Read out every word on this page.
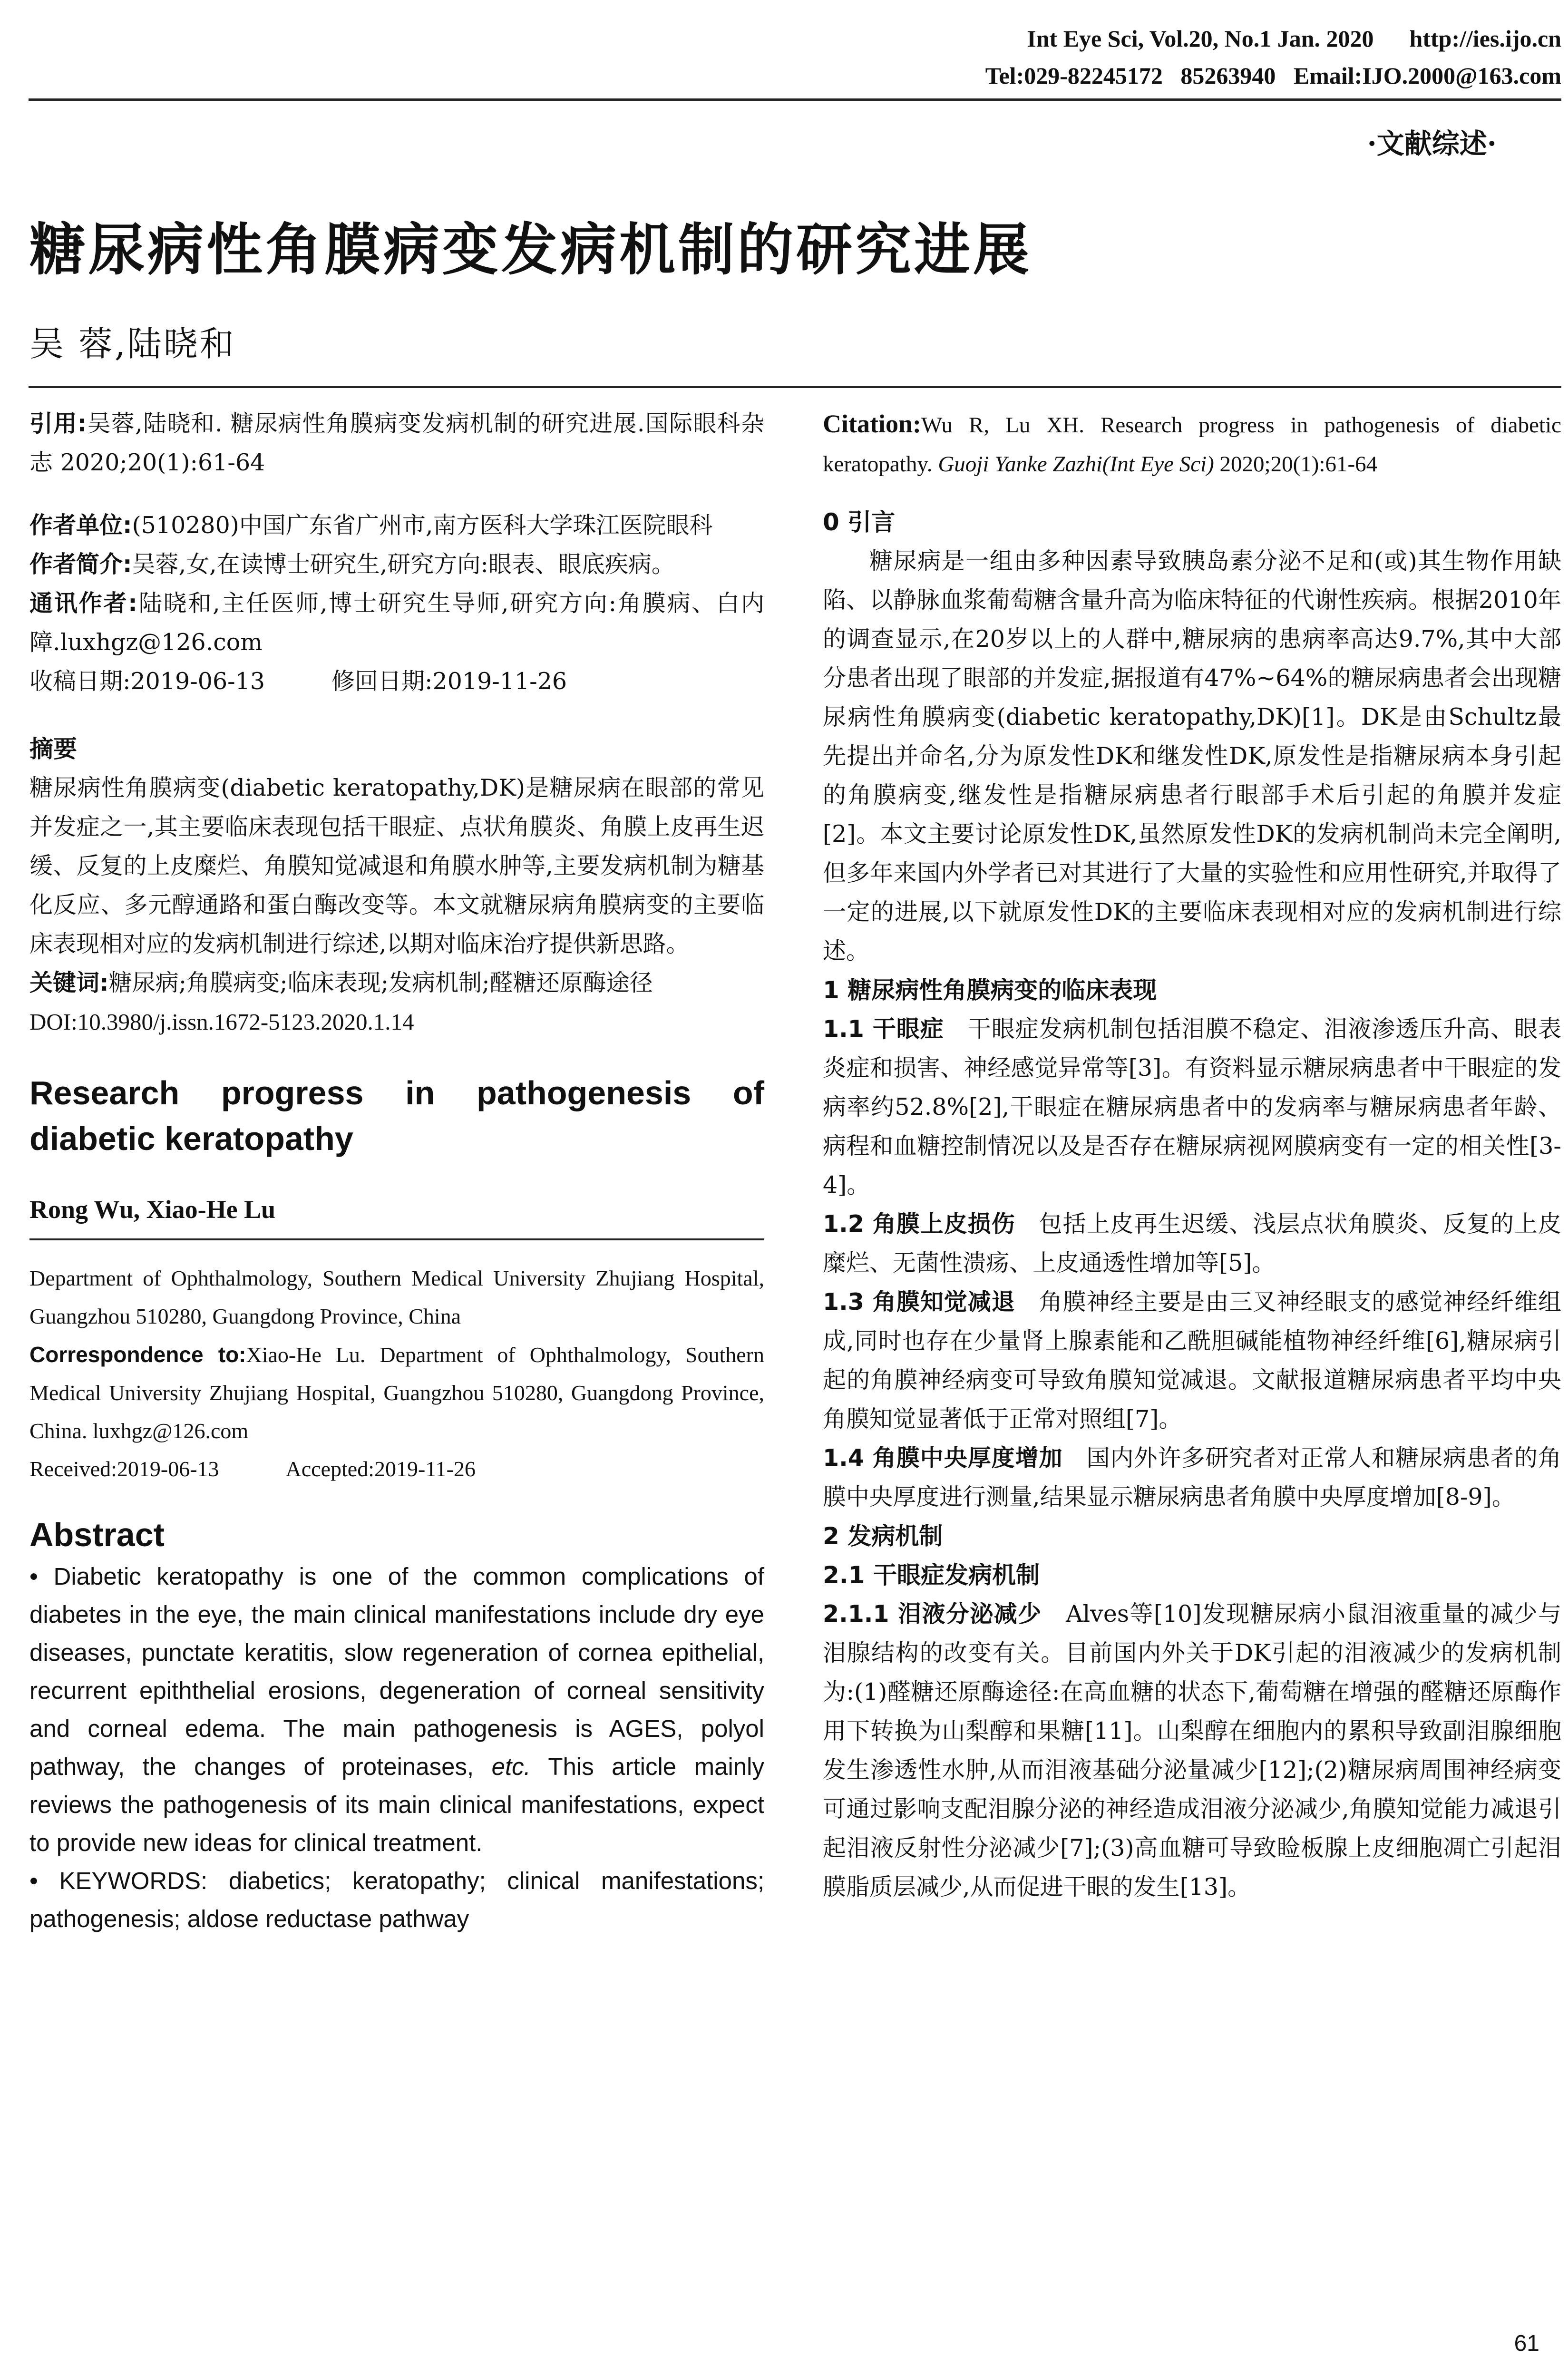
Int Eye Sci, Vol.20, No.1 Jan. 2020      http://ies.ijo.cn
Tel:029-82245172   85263940   Email:IJO.2000@163.com
·文献综述·
糖尿病性角膜病变发病机制的研究进展
吴 蓉,陆晓和

引用:吴蓉,陆晓和. 糖尿病性角膜病变发病机制的研究进展.国际眼科杂志 2020;20(1):61-64

作者单位:(510280)中国广东省广州市,南方医科大学珠江医院眼科

作者简介:吴蓉,女,在读博士研究生,研究方向:眼表、眼底疾病。

通讯作者:陆晓和,主任医师,博士研究生导师,研究方向:角膜病、白内障.luxhgz@126.com

收稿日期:2019-06-13	修回日期:2019-11-26

摘要

糖尿病性角膜病变(diabetic keratopathy,DK)是糖尿病在眼部的常见并发症之一,其主要临床表现包括干眼症、点状角膜炎、角膜上皮再生迟缓、反复的上皮糜烂、角膜知觉减退和角膜水肿等,主要发病机制为糖基化反应、多元醇通路和蛋白酶改变等。本文就糖尿病角膜病变的主要临床表现相对应的发病机制进行综述,以期对临床治疗提供新思路。

关键词:糖尿病;角膜病变;临床表现;发病机制;醛糖还原酶途径

DOI:10.3980/j.issn.1672-5123.2020.1.14

Research progress in pathogenesis of diabetic keratopathy

Rong Wu, Xiao-He Lu

Department of Ophthalmology, Southern Medical University Zhujiang Hospital, Guangzhou 510280, Guangdong Province, China

Correspondence to:Xiao-He Lu. Department of Ophthalmology, Southern Medical University Zhujiang Hospital, Guangzhou 510280, Guangdong Province, China. luxhgz@126.com

Received:2019-06-13	Accepted:2019-11-26

Abstract

• Diabetic keratopathy is one of the common complications of diabetes in the eye, the main clinical manifestations include dry eye diseases, punctate keratitis, slow regeneration of cornea epithelial, recurrent epiththelial erosions, degeneration of corneal sensitivity and corneal edema. The main pathogenesis is AGES, polyol pathway, the changes of proteinases, etc. This article mainly reviews the pathogenesis of its main clinical manifestations, expect to provide new ideas for clinical treatment.

• KEYWORDS: diabetics; keratopathy; clinical manifestations; pathogenesis; aldose reductase pathway

Citation:Wu R, Lu XH. Research progress in pathogenesis of diabetic keratopathy. Guoji Yanke Zazhi(Int Eye Sci) 2020;20(1):61-64

0 引言

糖尿病是一组由多种因素导致胰岛素分泌不足和(或)其生物作用缺陷、以静脉血浆葡萄糖含量升高为临床特征的代谢性疾病。根据2010年的调查显示,在20岁以上的人群中,糖尿病的患病率高达9.7%,其中大部分患者出现了眼部的并发症,据报道有47%~64%的糖尿病患者会出现糖尿病性角膜病变(diabetic keratopathy,DK)[1]。DK是由Schultz最先提出并命名,分为原发性DK和继发性DK,原发性是指糖尿病本身引起的角膜病变,继发性是指糖尿病患者行眼部手术后引起的角膜并发症[2]。本文主要讨论原发性DK,虽然原发性DK的发病机制尚未完全阐明,但多年来国内外学者已对其进行了大量的实验性和应用性研究,并取得了一定的进展,以下就原发性DK的主要临床表现相对应的发病机制进行综述。

1 糖尿病性角膜病变的临床表现

1.1 干眼症　 干眼症发病机制包括泪膜不稳定、泪液渗透压升高、眼表炎症和损害、神经感觉异常等[3]。有资料显示糖尿病患者中干眼症的发病率约52.8%[2],干眼症在糖尿病患者中的发病率与糖尿病患者年龄、病程和血糖控制情况以及是否存在糖尿病视网膜病变有一定的相关性[3-4]。

1.2 角膜上皮损伤　 包括上皮再生迟缓、浅层点状角膜炎、反复的上皮糜烂、无菌性溃疡、上皮通透性增加等[5]。

1.3 角膜知觉减退　 角膜神经主要是由三叉神经眼支的感觉神经纤维组成,同时也存在少量肾上腺素能和乙酰胆碱能植物神经纤维[6],糖尿病引起的角膜神经病变可导致角膜知觉减退。文献报道糖尿病患者平均中央角膜知觉显著低于正常对照组[7]。

1.4 角膜中央厚度增加　 国内外许多研究者对正常人和糖尿病患者的角膜中央厚度进行测量,结果显示糖尿病患者角膜中央厚度增加[8-9]。

2 发病机制

2.1 干眼症发病机制

2.1.1 泪液分泌减少　 Alves等[10]发现糖尿病小鼠泪液重量的减少与泪腺结构的改变有关。目前国内外关于DK引起的泪液减少的发病机制为:(1)醛糖还原酶途径:在高血糖的状态下,葡萄糖在增强的醛糖还原酶作用下转换为山梨醇和果糖[11]。山梨醇在细胞内的累积导致副泪腺细胞发生渗透性水肿,从而泪液基础分泌量减少[12];(2)糖尿病周围神经病变可通过影响支配泪腺分泌的神经造成泪液分泌减少,角膜知觉能力减退引起泪液反射性分泌减少[7];(3)高血糖可导致睑板腺上皮细胞凋亡引起泪膜脂质层减少,从而促进干眼的发生[13]。

61
